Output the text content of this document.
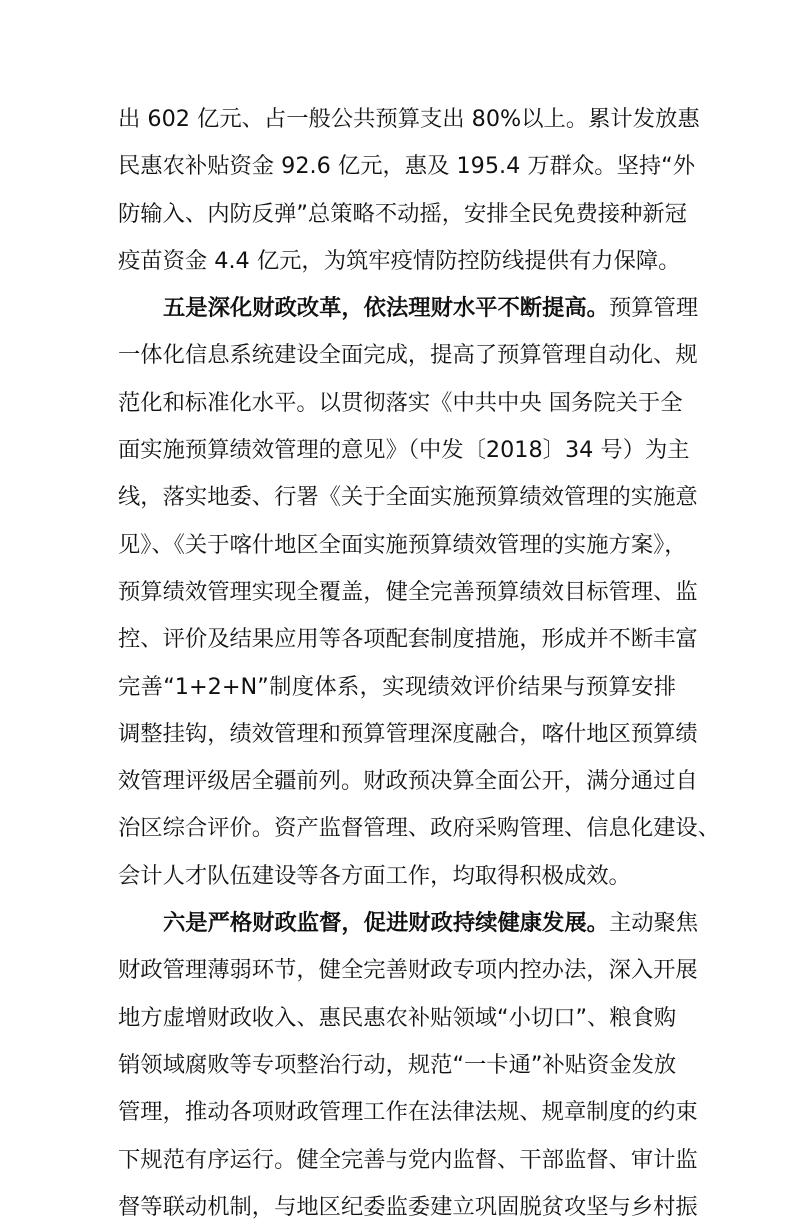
出 602 亿元、占一般公共预算支出 80%以上。累计发放惠
民惠农补贴资金 92.6 亿元，惠及 195.4 万群众。坚持“外
防输入、内防反弹”总策略不动摇，安排全民免费接种新冠
疫苗资金 4.4 亿元，为筑牢疫情防控防线提供有力保障。
五是深化财政改革，依法理财水平不断提高。预算管理
一体化信息系统建设全面完成，提高了预算管理自动化、规
范化和标准化水平。以贯彻落实《中共中央 国务院关于全
面实施预算绩效管理的意见》（中发〔2018〕34 号）为主
线，落实地委、行署《关于全面实施预算绩效管理的实施意
见》、《关于喀什地区全面实施预算绩效管理的实施方案》，
预算绩效管理实现全覆盖，健全完善预算绩效目标管理、监
控、评价及结果应用等各项配套制度措施，形成并不断丰富
完善“1+2+N”制度体系，实现绩效评价结果与预算安排
调整挂钩，绩效管理和预算管理深度融合，喀什地区预算绩
效管理评级居全疆前列。财政预决算全面公开，满分通过自
治区综合评价。资产监督管理、政府采购管理、信息化建设、
会计人才队伍建设等各方面工作，均取得积极成效。
六是严格财政监督，促进财政持续健康发展。主动聚焦
财政管理薄弱环节，健全完善财政专项内控办法，深入开展
地方虚增财政收入、惠民惠农补贴领域“小切口”、粮食购
销领域腐败等专项整治行动，规范“一卡通”补贴资金发放
管理，推动各项财政管理工作在法律法规、规章制度的约束
下规范有序运行。健全完善与党内监督、干部监督、审计监
督等联动机制，与地区纪委监委建立巩固脱贫攻坚与乡村振
